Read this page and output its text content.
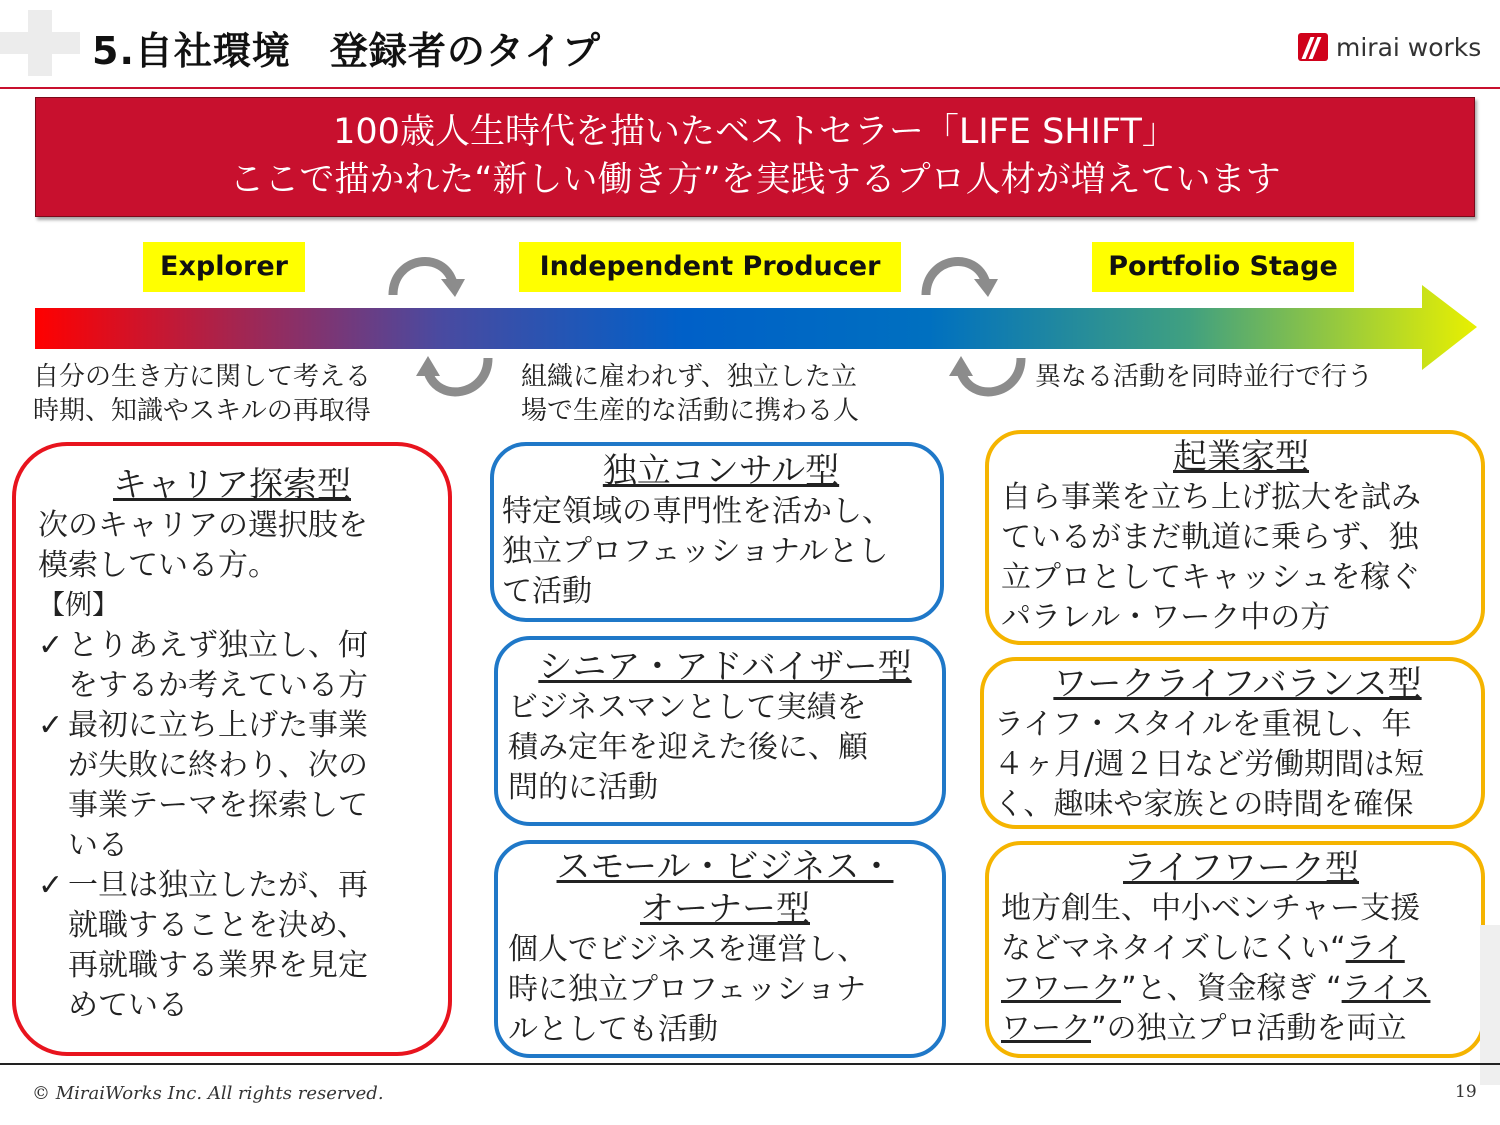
5.自社環境　登録者のタイプ	mirai works
100歳人生時代を描いたベストセラー「LIFE SHIFT」
ここで描かれた“新しい働き方”を実践するプロ人材が増えています
Explorer	Independent Producer	Portfolio Stage
自分の生き方に関して考える
時期、知識やスキルの再取得
組織に雇われず、独立した立
場で生産的な活動に携わる人
異なる活動を同時並行で行う
キャリア探索型
次のキャリアの選択肢を
模索している方。
【例】
✓ とりあえず独立し、何
をするか考えている方
✓ 最初に立ち上げた事業
が失敗に終わり、次の
事業テーマを探索して
いる
✓ 一旦は独立したが、再
就職することを決め、
再就職する業界を見定
めている
独立コンサル型
特定領域の専門性を活かし、
独立プロフェッショナルとし
て活動
シニア・アドバイザー型
ビジネスマンとして実績を
積み定年を迎えた後に、顧
問的に活動
スモール・ビジネス・
オーナー型
個人でビジネスを運営し、
時に独立プロフェッショナ
ルとしても活動
起業家型
自ら事業を立ち上げ拡大を試み
ているがまだ軌道に乗らず、独
立プロとしてキャッシュを稼ぐ
パラレル・ワーク中の方
ワークライフバランス型
ライフ・スタイルを重視し、年
４ヶ月/週２日など労働期間は短
く、趣味や家族との時間を確保
ライフワーク型
地方創生、中小ベンチャー支援
などマネタイズしにくい“ライ
フワーク”と、資金稼ぎ “ライス
ワーク”の独立プロ活動を両立
© MiraiWorks Inc. All rights reserved.	19
